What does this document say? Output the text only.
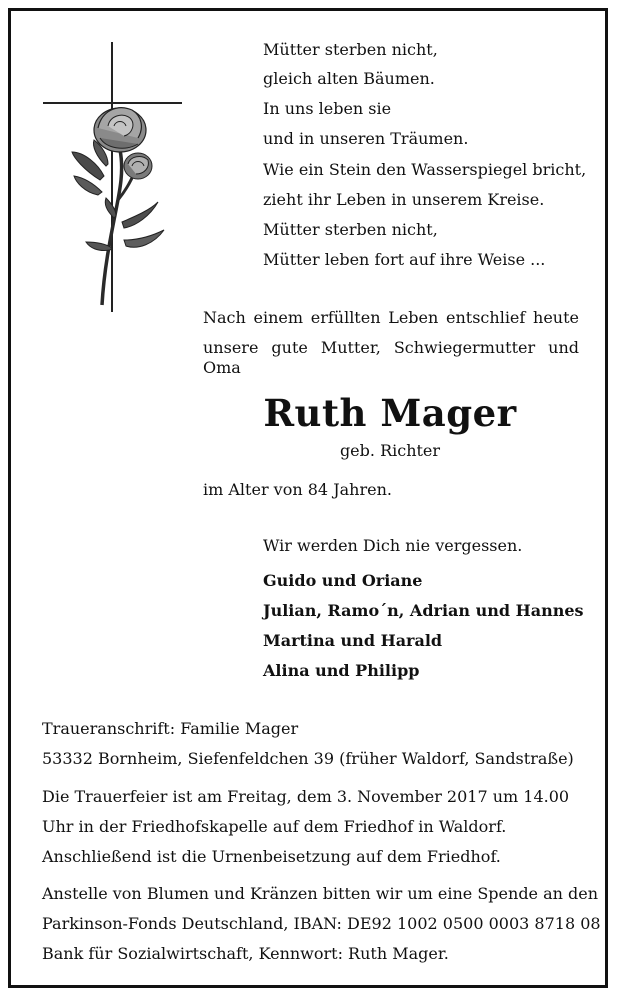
Mütter sterben nicht,
gleich alten Bäumen.
In uns leben sie
und in unseren Träumen.
Wie ein Stein den Wasserspiegel bricht,
zieht ihr Leben in unserem Kreise.
Mütter sterben nicht,
Mütter leben fort auf ihre Weise ...
Nach einem erfüllten Leben entschlief heute
unsere gute Mutter, Schwiegermutter und Oma
Ruth Mager
geb. Richter
im Alter von 84 Jahren.
Wir werden Dich nie vergessen.
Guido und Oriane
Julian, Ramo´n, Adrian und Hannes
Martina und Harald
Alina und Philipp
Traueranschrift: Familie Mager
53332 Bornheim, Siefenfeldchen 39 (früher Waldorf, Sandstraße)
Die Trauerfeier ist am Freitag, dem 3. November 2017 um 14.00
Uhr in der Friedhofskapelle auf dem Friedhof in Waldorf.
Anschließend ist die Urnenbeisetzung auf dem Friedhof.
Anstelle von Blumen und Kränzen bitten wir um eine Spende an den
Parkinson-Fonds Deutschland, IBAN: DE92 1002 0500 0003 8718 08
Bank für Sozialwirtschaft, Kennwort: Ruth Mager.
